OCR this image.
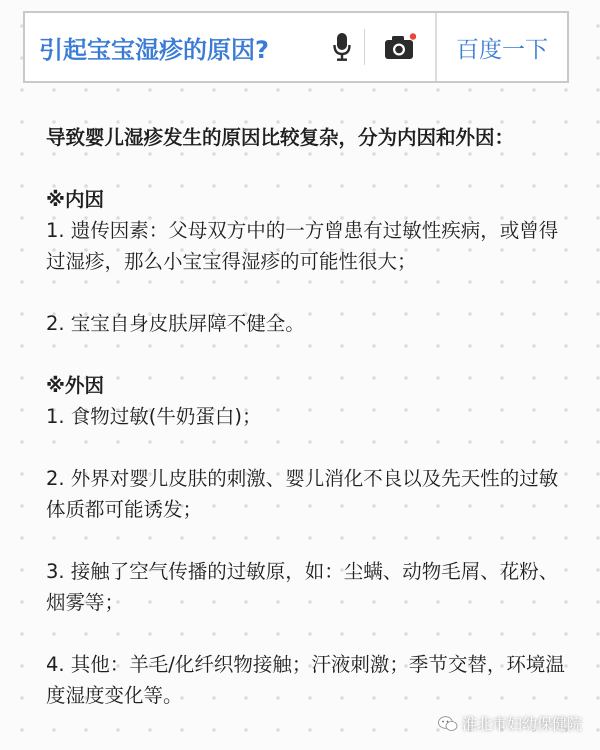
引起宝宝湿疹的原因?	百度一下

导致婴儿湿疹发生的原因比较复杂，分为内因和外因：

※内因

1. 遗传因素：父母双方中的一方曾患有过敏性疾病，或曾得过湿疹，那么小宝宝得湿疹的可能性很大；

2. 宝宝自身皮肤屏障不健全。

※外因

1. 食物过敏(牛奶蛋白)；

2. 外界对婴儿皮肤的刺激、婴儿消化不良以及先天性的过敏体质都可能诱发；

3. 接触了空气传播的过敏原，如：尘螨、动物毛屑、花粉、烟雾等；

4. 其他：羊毛/化纤织物接触；汗液刺激；季节交替，环境温度湿度变化等。

淮北市妇幼保健院
